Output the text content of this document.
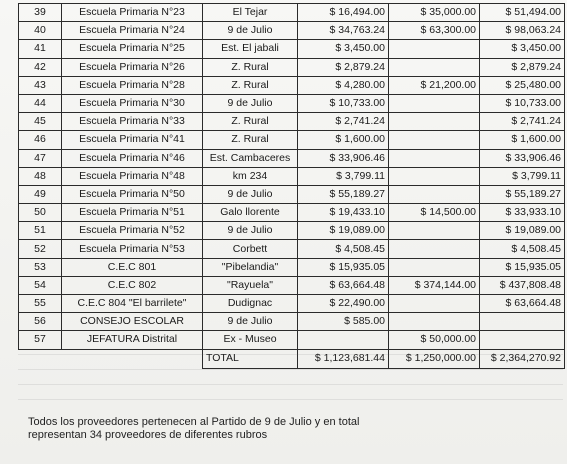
39	Escuela Primaria N°23	El Tejar	$ 16,494.00	$ 35,000.00	$ 51,494.00
40	Escuela Primaria N°24	9 de Julio	$ 34,763.24	$ 63,300.00	$ 98,063.24
41	Escuela Primaria N°25	Est. El jabali	$ 3,450.00		$ 3,450.00
42	Escuela Primaria N°26	Z. Rural	$ 2,879.24		$ 2,879.24
43	Escuela Primaria N°28	Z. Rural	$ 4,280.00	$ 21,200.00	$ 25,480.00
44	Escuela Primaria N°30	9 de Julio	$ 10,733.00		$ 10,733.00
45	Escuela Primaria N°33	Z. Rural	$ 2,741.24		$ 2,741.24
46	Escuela Primaria N°41	Z. Rural	$ 1,600.00		$ 1,600.00
47	Escuela Primaria N°46	Est. Cambaceres	$ 33,906.46		$ 33,906.46
48	Escuela Primaria N°48	km 234	$ 3,799.11		$ 3,799.11
49	Escuela Primaria N°50	9 de Julio	$ 55,189.27		$ 55,189.27
50	Escuela Primaria N°51	Galo llorente	$ 19,433.10	$ 14,500.00	$ 33,933.10
51	Escuela Primaria N°52	9 de Julio	$ 19,089.00		$ 19,089.00
52	Escuela Primaria N°53	Corbett	$ 4,508.45		$ 4,508.45
53	C.E.C 801	"Pibelandia"	$ 15,935.05		$ 15,935.05
54	C.E.C 802	"Rayuela"	$ 63,664.48	$ 374,144.00	$ 437,808.48
55	C.E.C 804 "El barrilete"	Dudignac	$ 22,490.00		$ 63,664.48
56	CONSEJO ESCOLAR	9 de Julio	$ 585.00		
57	JEFATURA Distrital	Ex - Museo		$ 50,000.00	
		TOTAL	$ 1,123,681.44	$ 1,250,000.00	$ 2,364,270.92
Todos los proveedores pertenecen al Partido de 9 de Julio y en total
representan 34 proveedores de diferentes rubros
